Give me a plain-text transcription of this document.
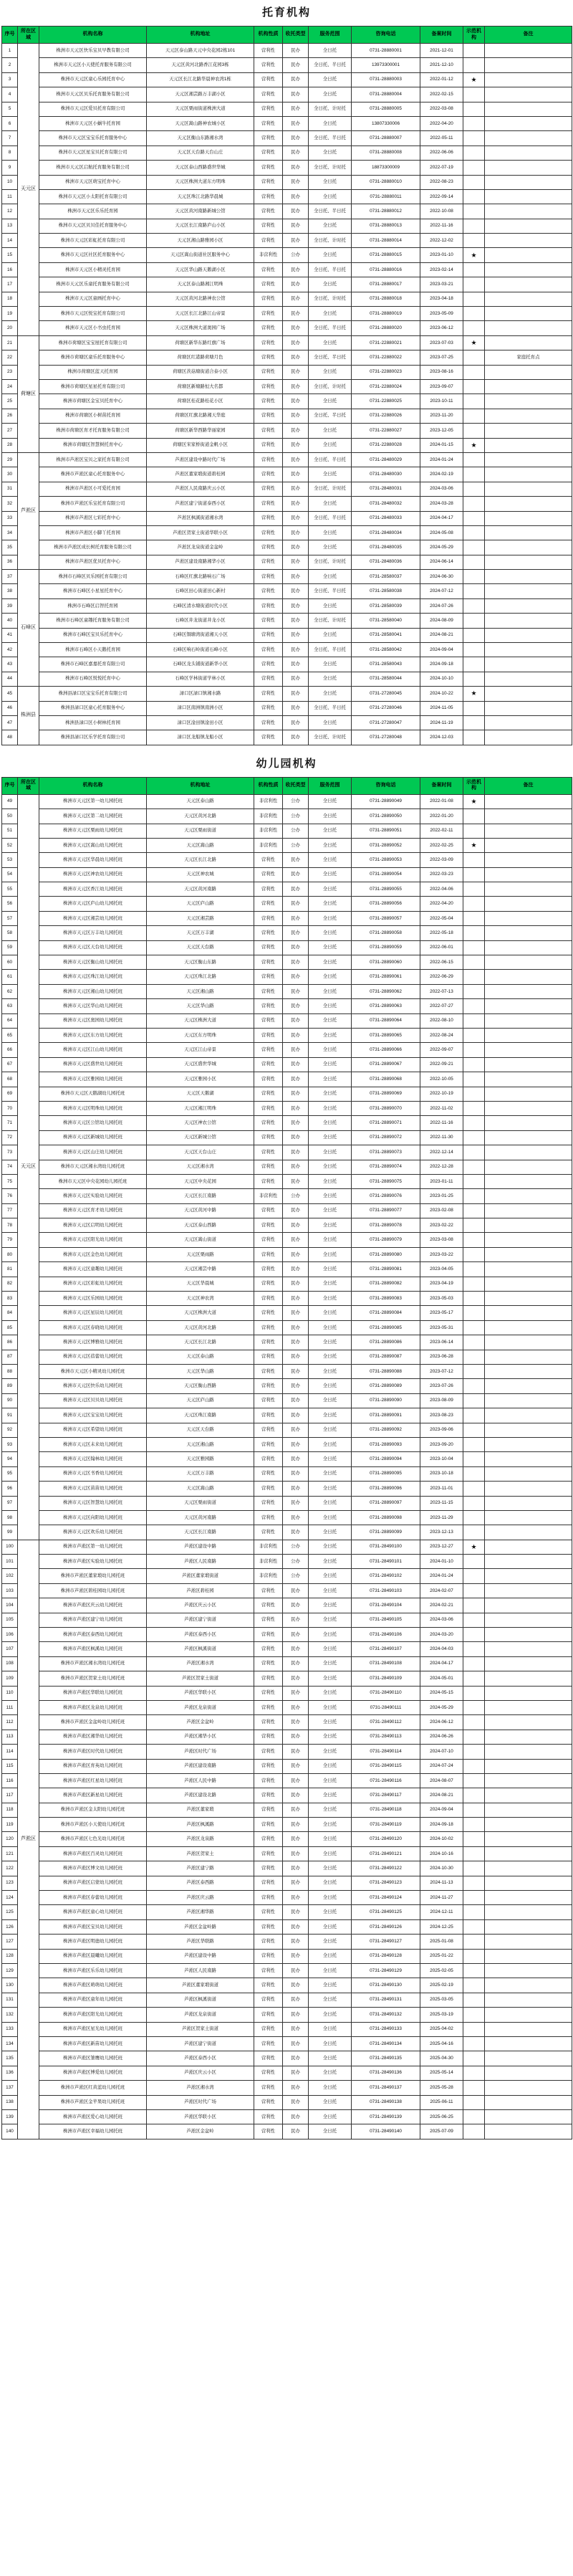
托育机构
序号	所在区域	机构名称	机构地址	机构性质	收托类型	服务范围	咨询电话	备案时间	示范机构	备注
1	天元区	株洲市天元区快乐宝贝早教有限公司	天元区泰山路天元中央花园2栋101	营利性	民办	全日托	0731-28880001	2021-12-01		
2		株洲市天元区小天使托育服务有限公司	天元区黄河北路香江花园3栋	营利性	民办	全日托、半日托	13973300001	2021-12-10		
3		株洲市天元区童心乐园托育中心	天元区长江北路华晨神农湾1栋	营利性	民办	全日托	0731-28880003	2022-01-12	★	
4		株洲市天元区贝乐托育服务有限公司	天元区湘芸路万丰湖小区	营利性	民办	全日托	0731-28880004	2022-02-15		
5		株洲市天元区爱贝托育有限公司	天元区栗雨街道株洲大道	营利性	民办	全日托、计时托	0731-28880005	2022-03-08		
6		株洲市天元区小蜗牛托育园	天元区嵩山路神农城小区	营利性	民办	全日托	13807330006	2022-04-20		
7		株洲市天元区宝宝乐托育服务中心	天元区衡山东路湘水湾	营利性	民办	全日托、半日托	0731-28880007	2022-05-11		
8		株洲市天元区星宝贝托育有限公司	天元区天台路天台山庄	营利性	民办	全日托	0731-28880008	2022-06-06		
9		株洲市天元区启航托育服务有限公司	天元区泰山西路盛世华城	营利性	民办	全日托、计时托	18873300009	2022-07-19		
10		株洲市天元区萌宝托育中心	天元区株洲大道东方明珠	营利性	民办	全日托	0731-28880010	2022-08-23		
11		株洲市天元区小太阳托育有限公司	天元区珠江北路华晨城	营利性	民办	全日托	0731-28880011	2022-09-14		
12		株洲市天元区乐乐托育园	天元区黄河南路新城公馆	营利性	民办	全日托、半日托	0731-28880012	2022-10-08		
13		株洲市天元区贝贝佳托育服务中心	天元区长江南路庐山小区	营利性	民办	全日托	0731-28880013	2022-11-16		
14		株洲市天元区彩虹托育有限公司	天元区湘山路雅园小区	营利性	民办	全日托、计时托	0731-28880014	2022-12-02		
15		株洲市天元区社区托育服务中心	天元区嵩山街道社区服务中心	非营利性	公办	全日托	0731-28880015	2023-01-10	★	
16		株洲市天元区小精灵托育园	天元区华山路天鹅湖小区	营利性	民办	全日托、半日托	0731-28880016	2023-02-14		
17		株洲市天元区乐童托育服务有限公司	天元区泰山路湘江明珠	营利性	民办	全日托	0731-28880017	2023-03-21		
18		株洲市天元区童画托育中心	天元区黄河北路神农公馆	营利性	民办	全日托、计时托	0731-28880018	2023-04-18		
19		株洲市天元区悦宝托育有限公司	天元区长江北路江山帝景	营利性	民办	全日托	0731-28880019	2023-05-09		
20		株洲市天元区小书虫托育园	天元区株洲大道奥园广场	营利性	民办	全日托、半日托	0731-28880020	2023-06-12		
21	荷塘区	株洲市荷塘区宝宝屋托育有限公司	荷塘区新华东路红旗广场	营利性	民办	全日托	0731-22880021	2023-07-03	★	
22		株洲市荷塘区童乐托育服务中心	荷塘区红港路荷塘月色	营利性	民办	全日托、半日托	0731-22880022	2023-07-25		家庭托育点
23		株洲市荷塘区蓝天托育园	荷塘区茨菇塘街道合泰小区	营利性	民办	全日托	0731-22880023	2023-08-16		
24		株洲市荷塘区星星托育有限公司	荷塘区新塘路恒大名都	营利性	民办	全日托、计时托	0731-22880024	2023-09-07		
25		株洲市荷塘区金宝贝托育中心	荷塘区桂花路桂花小区	营利性	民办	全日托	0731-22880025	2023-10-11		
26		株洲市荷塘区小树苗托育园	荷塘区红旗北路湘天华庭	营利性	民办	全日托、半日托	0731-22880026	2023-11-20		
27		株洲市荷塘区育才托育服务有限公司	荷塘区新华西路华丽家园	营利性	民办	全日托	0731-22880027	2023-12-05		
28		株洲市荷塘区智慧树托育中心	荷塘区宋家桥街道金帆小区	营利性	民办	全日托	0731-22880028	2024-01-15	★	
29	芦淞区	株洲市芦淞区宝贝之家托育有限公司	芦淞区建设中路时代广场	营利性	民办	全日托、半日托	0731-28480029	2024-01-24		
30		株洲市芦淞区童心托育服务中心	芦淞区董家塅街道碧桂园	营利性	民办	全日托	0731-28480030	2024-02-19		
31		株洲市芦淞区小可爱托育园	芦淞区人民南路庆云小区	营利性	民办	全日托、计时托	0731-28480031	2024-03-06		
32		株洲市芦淞区乐宝托育有限公司	芦淞区建宁街道泰西小区	营利性	民办	全日托	0731-28480032	2024-03-28		
33		株洲市芦淞区七彩托育中心	芦淞区枫溪街道湘水湾	营利性	民办	全日托、半日托	0731-28480033	2024-04-17		
34		株洲市芦淞区小脚丫托育园	芦淞区贺家土街道华联小区	营利性	民办	全日托	0731-28480034	2024-05-08		
35		株洲市芦淞区成长树托育服务有限公司	芦淞区龙泉街道金盆岭	营利性	民办	全日托	0731-28480035	2024-05-29		
36		株洲市芦淞区优贝托育中心	芦淞区建设南路湘华小区	营利性	民办	全日托、计时托	0731-28480036	2024-06-14		
37	石峰区	株洲市石峰区贝乐园托育有限公司	石峰区红旗北路响石广场	营利性	民办	全日托	0731-28580037	2024-06-30		
38		株洲市石峰区小星星托育中心	石峰区田心街道田心新村	营利性	民办	全日托、半日托	0731-28580038	2024-07-12		
39		株洲市石峰区启智托育园	石峰区清水塘街道时代小区	营利性	民办	全日托	0731-28580039	2024-07-26		
40		株洲市石峰区童趣托育服务有限公司	石峰区井龙街道井龙小区	营利性	民办	全日托、计时托	0731-28580040	2024-08-09		
41		株洲市石峰区宝贝乐托育中心	石峰区铜塘湾街道湘天小区	营利性	民办	全日托	0731-28580041	2024-08-21		
42		株洲市石峰区小天鹅托育园	石峰区响石岭街道石峰小区	营利性	民办	全日托、半日托	0731-28580042	2024-09-04		
43		株洲市石峰区嘉嘉托育有限公司	石峰区龙头铺街道新华小区	营利性	民办	全日托	0731-28580043	2024-09-18		
44		株洲市石峰区悦悦托育中心	石峰区学林街道学林小区	营利性	民办	全日托	0731-28580044	2024-10-10		
45	株洲县	株洲县渌口区宝宝乐托育有限公司	渌口区渌口镇湘水路	营利性	民办	全日托	0731-27280045	2024-10-22	★	
46		株洲县渌口区童心托育服务中心	渌口区南洲镇南洲小区	营利性	民办	全日托、半日托	0731-27280046	2024-11-05		
47		株洲县渌口区小树林托育园	渌口区淦田镇淦田小区	营利性	民办	全日托	0731-27280047	2024-11-19		
48		株洲县渌口区乐学托育有限公司	渌口区龙船镇龙船小区	营利性	民办	全日托、计时托	0731-27280048	2024-12-03		
幼儿园机构
序号	所在区域	机构名称	机构地址	机构性质	收托类型	服务范围	咨询电话	备案时间	示范机构	备注
49	天元区	株洲市天元区第一幼儿园托班	天元区泰山路	非营利性	公办	全日托	0731-28890049	2022-01-08	★	
50		株洲市天元区第二幼儿园托班	天元区黄河北路	非营利性	公办	全日托	0731-28890050	2022-01-20		
51		株洲市天元区栗雨幼儿园托班	天元区栗雨街道	非营利性	公办	全日托	0731-28890051	2022-02-11		
52		株洲市天元区嵩山幼儿园托班	天元区嵩山路	非营利性	公办	全日托	0731-28890052	2022-02-25	★	
53		株洲市天元区华晨幼儿园托班	天元区长江北路	营利性	民办	全日托	0731-28890053	2022-03-09		
54		株洲市天元区神农幼儿园托班	天元区神农城	营利性	民办	全日托	0731-28890054	2022-03-23		
55		株洲市天元区香江幼儿园托班	天元区黄河南路	营利性	民办	全日托	0731-28890055	2022-04-06		
56		株洲市天元区庐山幼儿园托班	天元区庐山路	营利性	民办	全日托	0731-28890056	2022-04-20		
57		株洲市天元区湘芸幼儿园托班	天元区湘芸路	营利性	民办	全日托	0731-28890057	2022-05-04		
58		株洲市天元区万丰幼儿园托班	天元区万丰湖	营利性	民办	全日托	0731-28890058	2022-05-18		
59		株洲市天元区天台幼儿园托班	天元区天台路	营利性	民办	全日托	0731-28890059	2022-06-01		
60		株洲市天元区衡山幼儿园托班	天元区衡山东路	营利性	民办	全日托	0731-28890060	2022-06-15		
61		株洲市天元区珠江幼儿园托班	天元区珠江北路	营利性	民办	全日托	0731-28890061	2022-06-29		
62		株洲市天元区湘山幼儿园托班	天元区湘山路	营利性	民办	全日托	0731-28890062	2022-07-13		
63		株洲市天元区华山幼儿园托班	天元区华山路	营利性	民办	全日托	0731-28890063	2022-07-27		
64		株洲市天元区奥园幼儿园托班	天元区株洲大道	营利性	民办	全日托	0731-28890064	2022-08-10		
65		株洲市天元区东方幼儿园托班	天元区东方明珠	营利性	民办	全日托	0731-28890065	2022-08-24		
66		株洲市天元区江山幼儿园托班	天元区江山帝景	营利性	民办	全日托	0731-28890066	2022-09-07		
67		株洲市天元区盛世幼儿园托班	天元区盛世华城	营利性	民办	全日托	0731-28890067	2022-09-21		
68		株洲市天元区雅园幼儿园托班	天元区雅园小区	营利性	民办	全日托	0731-28890068	2022-10-05		
69		株洲市天元区天鹅湖幼儿园托班	天元区天鹅湖	营利性	民办	全日托	0731-28890069	2022-10-19		
70		株洲市天元区明珠幼儿园托班	天元区湘江明珠	营利性	民办	全日托	0731-28890070	2022-11-02		
71		株洲市天元区公馆幼儿园托班	天元区神农公馆	营利性	民办	全日托	0731-28890071	2022-11-16		
72		株洲市天元区新城幼儿园托班	天元区新城公馆	营利性	民办	全日托	0731-28890072	2022-11-30		
73		株洲市天元区山庄幼儿园托班	天元区天台山庄	营利性	民办	全日托	0731-28890073	2022-12-14		
74		株洲市天元区湘水湾幼儿园托班	天元区湘水湾	营利性	民办	全日托	0731-28890074	2022-12-28		
75		株洲市天元区中央花园幼儿园托班	天元区中央花园	营利性	民办	全日托	0731-28890075	2023-01-11		
76		株洲市天元区实验幼儿园托班	天元区长江南路	非营利性	公办	全日托	0731-28890076	2023-01-25		
77		株洲市天元区育才幼儿园托班	天元区黄河中路	营利性	民办	全日托	0731-28890077	2023-02-08		
78		株洲市天元区启明幼儿园托班	天元区泰山西路	营利性	民办	全日托	0731-28890078	2023-02-22		
79		株洲市天元区阳光幼儿园托班	天元区嵩山街道	营利性	民办	全日托	0731-28890079	2023-03-08		
80		株洲市天元区金色幼儿园托班	天元区栗雨路	营利性	民办	全日托	0731-28890080	2023-03-22		
81		株洲市天元区童趣幼儿园托班	天元区湘芸中路	营利性	民办	全日托	0731-28890081	2023-04-05		
82		株洲市天元区彩虹幼儿园托班	天元区华晨城	营利性	民办	全日托	0731-28890082	2023-04-19		
83		株洲市天元区乐园幼儿园托班	天元区神农湾	营利性	民办	全日托	0731-28890083	2023-05-03		
84		株洲市天元区星辰幼儿园托班	天元区株洲大道	营利性	民办	全日托	0731-28890084	2023-05-17		
85		株洲市天元区春晓幼儿园托班	天元区黄河北路	营利性	民办	全日托	0731-28890085	2023-05-31		
86		株洲市天元区博雅幼儿园托班	天元区长江北路	营利性	民办	全日托	0731-28890086	2023-06-14		
87		株洲市天元区蓓蕾幼儿园托班	天元区泰山路	营利性	民办	全日托	0731-28890087	2023-06-28		
88		株洲市天元区小精灵幼儿园托班	天元区华山路	营利性	民办	全日托	0731-28890088	2023-07-12		
89		株洲市天元区快乐幼儿园托班	天元区衡山西路	营利性	民办	全日托	0731-28890089	2023-07-26		
90		株洲市天元区贝贝幼儿园托班	天元区庐山路	营利性	民办	全日托	0731-28890090	2023-08-09		
91		株洲市天元区宝宝幼儿园托班	天元区珠江南路	营利性	民办	全日托	0731-28890091	2023-08-23		
92		株洲市天元区希望幼儿园托班	天元区天台路	营利性	民办	全日托	0731-28890092	2023-09-06		
93		株洲市天元区未来幼儿园托班	天元区湘山路	营利性	民办	全日托	0731-28890093	2023-09-20		
94		株洲市天元区翰林幼儿园托班	天元区雅园路	营利性	民办	全日托	0731-28890094	2023-10-04		
95		株洲市天元区书香幼儿园托班	天元区万丰路	营利性	民办	全日托	0731-28890095	2023-10-18		
96		株洲市天元区苗苗幼儿园托班	天元区嵩山路	营利性	民办	全日托	0731-28890096	2023-11-01		
97		株洲市天元区智慧幼儿园托班	天元区栗雨街道	营利性	民办	全日托	0731-28890097	2023-11-15		
98		株洲市天元区向阳幼儿园托班	天元区黄河南路	营利性	民办	全日托	0731-28890098	2023-11-29		
99		株洲市天元区欢乐幼儿园托班	天元区长江南路	营利性	民办	全日托	0731-28890099	2023-12-13		
100	芦淞区	株洲市芦淞区第一幼儿园托班	芦淞区建设中路	非营利性	公办	全日托	0731-28490100	2023-12-27	★	
101		株洲市芦淞区实验幼儿园托班	芦淞区人民南路	非营利性	公办	全日托	0731-28490101	2024-01-10		
102		株洲市芦淞区董家塅幼儿园托班	芦淞区董家塅街道	非营利性	公办	全日托	0731-28490102	2024-01-24		
103		株洲市芦淞区碧桂园幼儿园托班	芦淞区碧桂园	营利性	民办	全日托	0731-28490103	2024-02-07		
104		株洲市芦淞区庆云幼儿园托班	芦淞区庆云小区	营利性	民办	全日托	0731-28490104	2024-02-21		
105		株洲市芦淞区建宁幼儿园托班	芦淞区建宁街道	营利性	民办	全日托	0731-28490105	2024-03-06		
106		株洲市芦淞区泰西幼儿园托班	芦淞区泰西小区	营利性	民办	全日托	0731-28490106	2024-03-20		
107		株洲市芦淞区枫溪幼儿园托班	芦淞区枫溪街道	营利性	民办	全日托	0731-28490107	2024-04-03		
108		株洲市芦淞区湘水湾幼儿园托班	芦淞区湘水湾	营利性	民办	全日托	0731-28490108	2024-04-17		
109		株洲市芦淞区贺家土幼儿园托班	芦淞区贺家土街道	营利性	民办	全日托	0731-28490109	2024-05-01		
110		株洲市芦淞区华联幼儿园托班	芦淞区华联小区	营利性	民办	全日托	0731-28490110	2024-05-15		
111		株洲市芦淞区龙泉幼儿园托班	芦淞区龙泉街道	营利性	民办	全日托	0731-28490111	2024-05-29		
112		株洲市芦淞区金盆岭幼儿园托班	芦淞区金盆岭	营利性	民办	全日托	0731-28490112	2024-06-12		
113		株洲市芦淞区湘华幼儿园托班	芦淞区湘华小区	营利性	民办	全日托	0731-28490113	2024-06-26		
114		株洲市芦淞区时代幼儿园托班	芦淞区时代广场	营利性	民办	全日托	0731-28490114	2024-07-10		
115		株洲市芦淞区育英幼儿园托班	芦淞区建设南路	营利性	民办	全日托	0731-28490115	2024-07-24		
116		株洲市芦淞区红星幼儿园托班	芦淞区人民中路	营利性	民办	全日托	0731-28490116	2024-08-07		
117		株洲市芦淞区新星幼儿园托班	芦淞区建设北路	营利性	民办	全日托	0731-28490117	2024-08-21		
118		株洲市芦淞区金太阳幼儿园托班	芦淞区董家塅	营利性	民办	全日托	0731-28490118	2024-09-04		
119		株洲市芦淞区小天使幼儿园托班	芦淞区枫溪路	营利性	民办	全日托	0731-28490119	2024-09-18		
120		株洲市芦淞区七色光幼儿园托班	芦淞区龙泉路	营利性	民办	全日托	0731-28490120	2024-10-02		
121		株洲市芦淞区百灵幼儿园托班	芦淞区贺家土	营利性	民办	全日托	0731-28490121	2024-10-16		
122		株洲市芦淞区博文幼儿园托班	芦淞区建宁路	营利性	民办	全日托	0731-28490122	2024-10-30		
123		株洲市芦淞区启蒙幼儿园托班	芦淞区泰西路	营利性	民办	全日托	0731-28490123	2024-11-13		
124		株洲市芦淞区春蕾幼儿园托班	芦淞区庆云路	营利性	民办	全日托	0731-28490124	2024-11-27		
125		株洲市芦淞区童心幼儿园托班	芦淞区湘华路	营利性	民办	全日托	0731-28490125	2024-12-11		
126		株洲市芦淞区宝贝幼儿园托班	芦淞区金盆岭路	营利性	民办	全日托	0731-28490126	2024-12-25		
127		株洲市芦淞区明德幼儿园托班	芦淞区华联路	营利性	民办	全日托	0731-28490127	2025-01-08		
128		株洲市芦淞区晨曦幼儿园托班	芦淞区建设中路	营利性	民办	全日托	0731-28490128	2025-01-22		
129		株洲市芦淞区乐乐幼儿园托班	芦淞区人民南路	营利性	民办	全日托	0731-28490129	2025-02-05		
130		株洲市芦淞区萌萌幼儿园托班	芦淞区董家塅街道	营利性	民办	全日托	0731-28490130	2025-02-19		
131		株洲市芦淞区童年幼儿园托班	芦淞区枫溪街道	营利性	民办	全日托	0731-28490131	2025-03-05		
132		株洲市芦淞区阳光幼儿园托班	芦淞区龙泉街道	营利性	民办	全日托	0731-28490132	2025-03-19		
133		株洲市芦淞区星光幼儿园托班	芦淞区贺家土街道	营利性	民办	全日托	0731-28490133	2025-04-02		
134		株洲市芦淞区新苗幼儿园托班	芦淞区建宁街道	营利性	民办	全日托	0731-28490134	2025-04-16		
135		株洲市芦淞区雏鹰幼儿园托班	芦淞区泰西小区	营利性	民办	全日托	0731-28490135	2025-04-30		
136		株洲市芦淞区博爱幼儿园托班	芦淞区庆云小区	营利性	民办	全日托	0731-28490136	2025-05-14		
137		株洲市芦淞区红黄蓝幼儿园托班	芦淞区湘水湾	营利性	民办	全日托	0731-28490137	2025-05-28		
138		株洲市芦淞区金苹果幼儿园托班	芦淞区时代广场	营利性	民办	全日托	0731-28490138	2025-06-11		
139		株洲市芦淞区爱心幼儿园托班	芦淞区华联小区	营利性	民办	全日托	0731-28490139	2025-06-25		
140		株洲市芦淞区幸福幼儿园托班	芦淞区金盆岭	营利性	民办	全日托	0731-28490140	2025-07-09		
